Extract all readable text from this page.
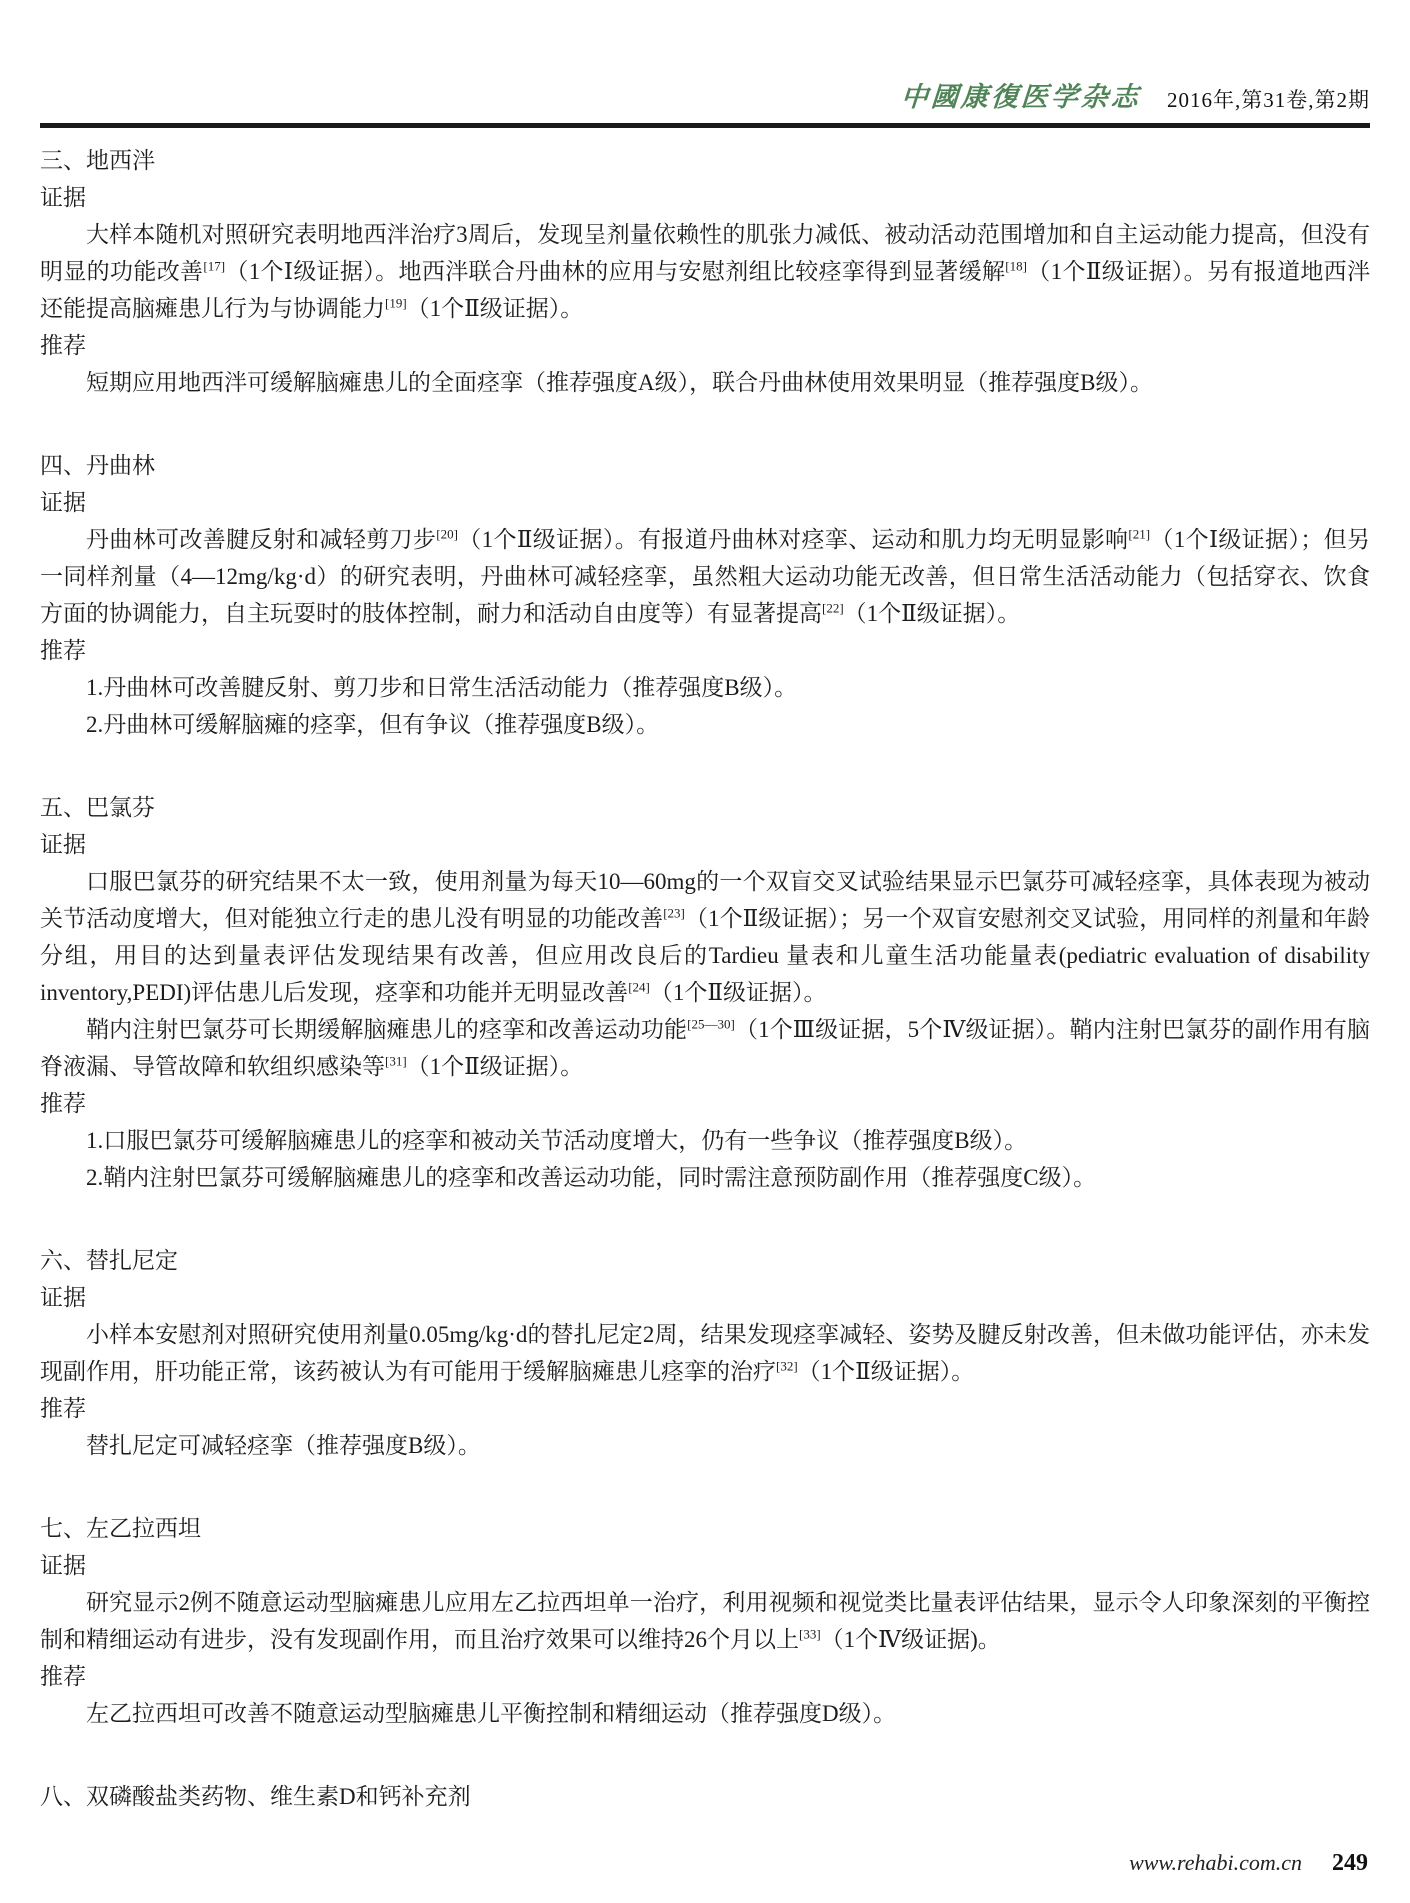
中國康復医学杂志 2016年,第31卷,第2期
三、地西泮
证据
大样本随机对照研究表明地西泮治疗3周后，发现呈剂量依赖性的肌张力减低、被动活动范围增加和自主运动能力提高，但没有明显的功能改善[17]（1个Ⅰ级证据）。地西泮联合丹曲林的应用与安慰剂组比较痉挛得到显著缓解[18]（1个Ⅱ级证据）。另有报道地西泮还能提高脑瘫患儿行为与协调能力[19]（1个Ⅱ级证据）。
推荐
短期应用地西泮可缓解脑瘫患儿的全面痉挛（推荐强度A级），联合丹曲林使用效果明显（推荐强度B级）。
四、丹曲林
证据
丹曲林可改善腱反射和减轻剪刀步[20]（1个Ⅱ级证据）。有报道丹曲林对痉挛、运动和肌力均无明显影响[21]（1个Ⅰ级证据）；但另一同样剂量（4—12mg/kg·d）的研究表明，丹曲林可减轻痉挛，虽然粗大运动功能无改善，但日常生活活动能力（包括穿衣、饮食方面的协调能力，自主玩耍时的肢体控制，耐力和活动自由度等）有显著提高[22]（1个Ⅱ级证据）。
推荐
1.丹曲林可改善腱反射、剪刀步和日常生活活动能力（推荐强度B级）。
2.丹曲林可缓解脑瘫的痉挛，但有争议（推荐强度B级）。
五、巴氯芬
证据
口服巴氯芬的研究结果不太一致，使用剂量为每天10—60mg的一个双盲交叉试验结果显示巴氯芬可减轻痉挛，具体表现为被动关节活动度增大，但对能独立行走的患儿没有明显的功能改善[23]（1个Ⅱ级证据）；另一个双盲安慰剂交叉试验，用同样的剂量和年龄分组，用目的达到量表评估发现结果有改善，但应用改良后的Tardieu 量表和儿童生活功能量表(pediatric evaluation of disability inventory,PEDI)评估患儿后发现，痉挛和功能并无明显改善[24]（1个Ⅱ级证据）。
鞘内注射巴氯芬可长期缓解脑瘫患儿的痉挛和改善运动功能[25—30]（1个Ⅲ级证据，5个Ⅳ级证据）。鞘内注射巴氯芬的副作用有脑脊液漏、导管故障和软组织感染等[31]（1个Ⅱ级证据）。
推荐
1.口服巴氯芬可缓解脑瘫患儿的痉挛和被动关节活动度增大，仍有一些争议（推荐强度B级）。
2.鞘内注射巴氯芬可缓解脑瘫患儿的痉挛和改善运动功能，同时需注意预防副作用（推荐强度C级）。
六、替扎尼定
证据
小样本安慰剂对照研究使用剂量0.05mg/kg·d的替扎尼定2周，结果发现痉挛减轻、姿势及腱反射改善，但未做功能评估，亦未发现副作用，肝功能正常，该药被认为有可能用于缓解脑瘫患儿痉挛的治疗[32]（1个Ⅱ级证据）。
推荐
替扎尼定可减轻痉挛（推荐强度B级）。
七、左乙拉西坦
证据
研究显示2例不随意运动型脑瘫患儿应用左乙拉西坦单一治疗，利用视频和视觉类比量表评估结果，显示令人印象深刻的平衡控制和精细运动有进步，没有发现副作用，而且治疗效果可以维持26个月以上[33]（1个Ⅳ级证据)。
推荐
左乙拉西坦可改善不随意运动型脑瘫患儿平衡控制和精细运动（推荐强度D级）。
八、双磷酸盐类药物、维生素D和钙补充剂
www.rehabi.com.cn 249
